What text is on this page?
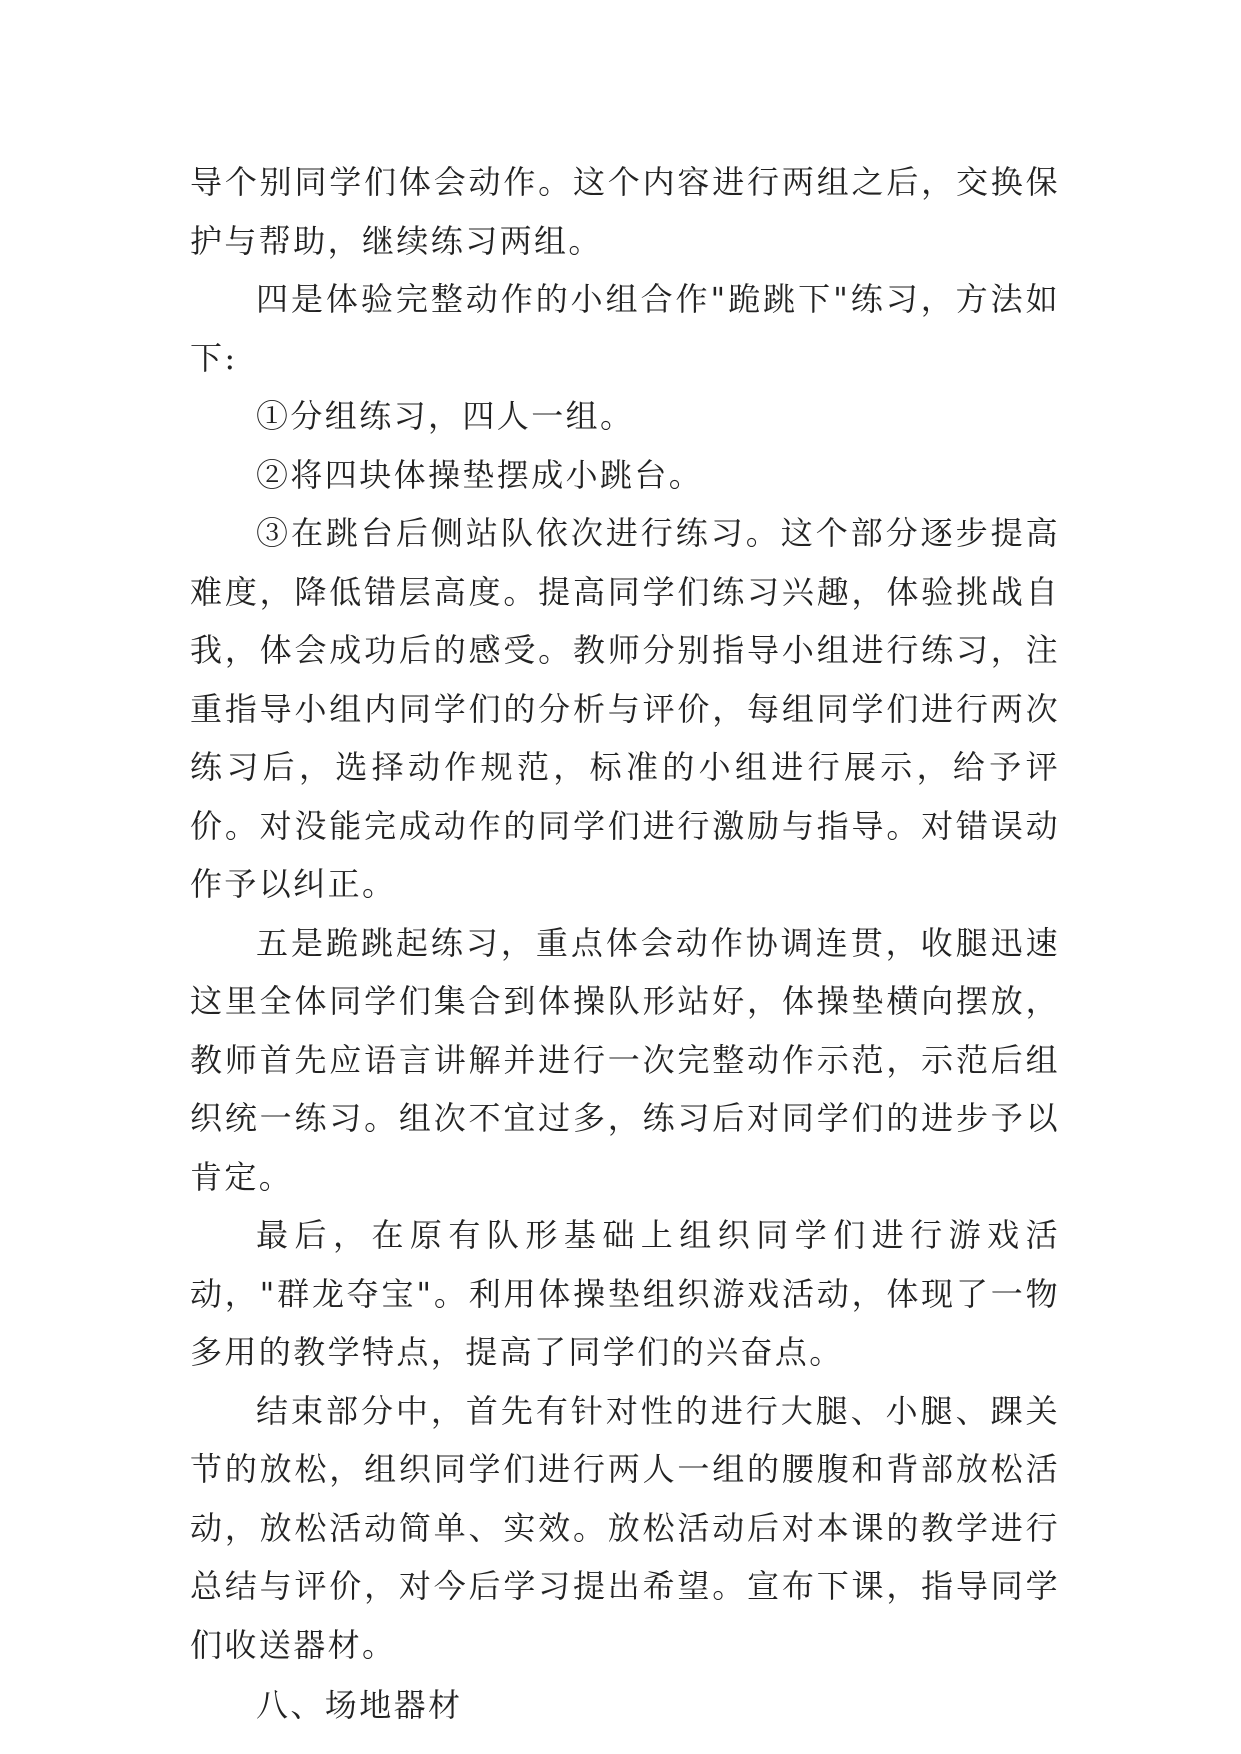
导个别同学们体会动作。这个内容进行两组之后，交换保护与帮助，继续练习两组。

四是体验完整动作的小组合作"跪跳下"练习，方法如下:

①分组练习，四人一组。

②将四块体操垫摆成小跳台。

③在跳台后侧站队依次进行练习。这个部分逐步提高难度，降低错层高度。提高同学们练习兴趣，体验挑战自我，体会成功后的感受。教师分别指导小组进行练习，注重指导小组内同学们的分析与评价，每组同学们进行两次练习后，选择动作规范，标准的小组进行展示，给予评价。对没能完成动作的同学们进行激励与指导。对错误动作予以纠正。

五是跪跳起练习，重点体会动作协调连贯，收腿迅速这里全体同学们集合到体操队形站好，体操垫横向摆放，教师首先应语言讲解并进行一次完整动作示范，示范后组织统一练习。组次不宜过多，练习后对同学们的进步予以肯定。

最后，在原有队形基础上组织同学们进行游戏活动，"群龙夺宝"。利用体操垫组织游戏活动，体现了一物多用的教学特点，提高了同学们的兴奋点。

结束部分中，首先有针对性的进行大腿、小腿、踝关节的放松，组织同学们进行两人一组的腰腹和背部放松活动，放松活动简单、实效。放松活动后对本课的教学进行总结与评价，对今后学习提出希望。宣布下课，指导同学们收送器材。

八、场地器材
